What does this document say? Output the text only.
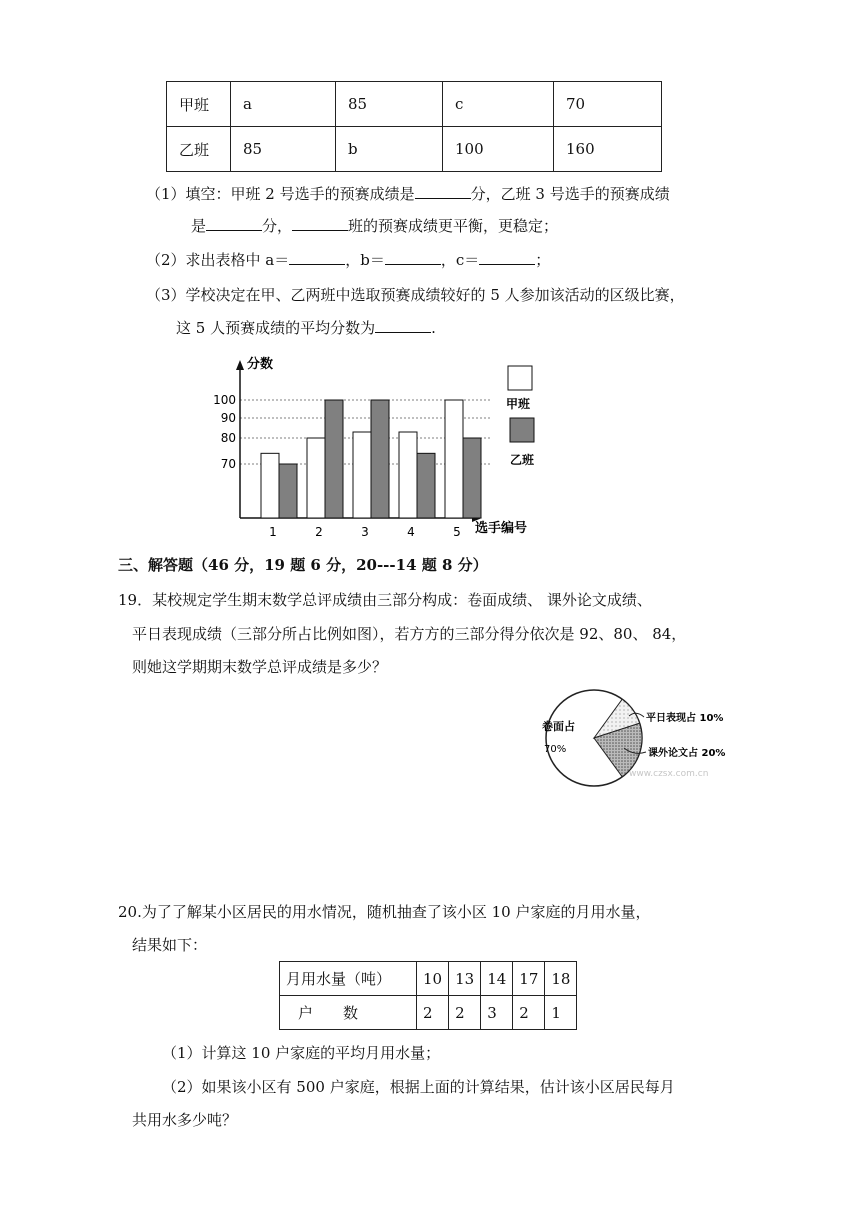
甲班	a	85	c	70
乙班	85	b	100	160
（1）填空：甲班 2 号选手的预赛成绩是	分，乙班 3 号选手的预赛成绩
是	分，	班的预赛成绩更平衡，更稳定；
（2）求出表格中 a＝	，b＝	，c＝	；
（3）学校决定在甲、乙两班中选取预赛成绩较好的 5 人参加该活动的区级比赛，
这 5 人预赛成绩的平均分数为	.
分数
选手编号
70
80
90
100
1	2	3	4	5
甲班
乙班
三、解答题（46 分，19 题 6 分，20---14 题 8 分）
19．某校规定学生期末数学总评成绩由三部分构成：卷面成绩、 课外论文成绩、
平日表现成绩（三部分所占比例如图），若方方的三部分得分依次是 92、80、 84，
则她这学期期末数学总评成绩是多少？
卷面占
70%
平日表现占 10%
课外论文占 20%
www.czsx.com.cn
20.为了了解某小区居民的用水情况，随机抽查了该小区 10 户家庭的月用水量，
结果如下：
月用水量（吨）	10	13	14	17	18
户　　数	2	2	3	2	1
（1）计算这 10 户家庭的平均月用水量；
（2）如果该小区有 500 户家庭，根据上面的计算结果，估计该小区居民每月
共用水多少吨？
